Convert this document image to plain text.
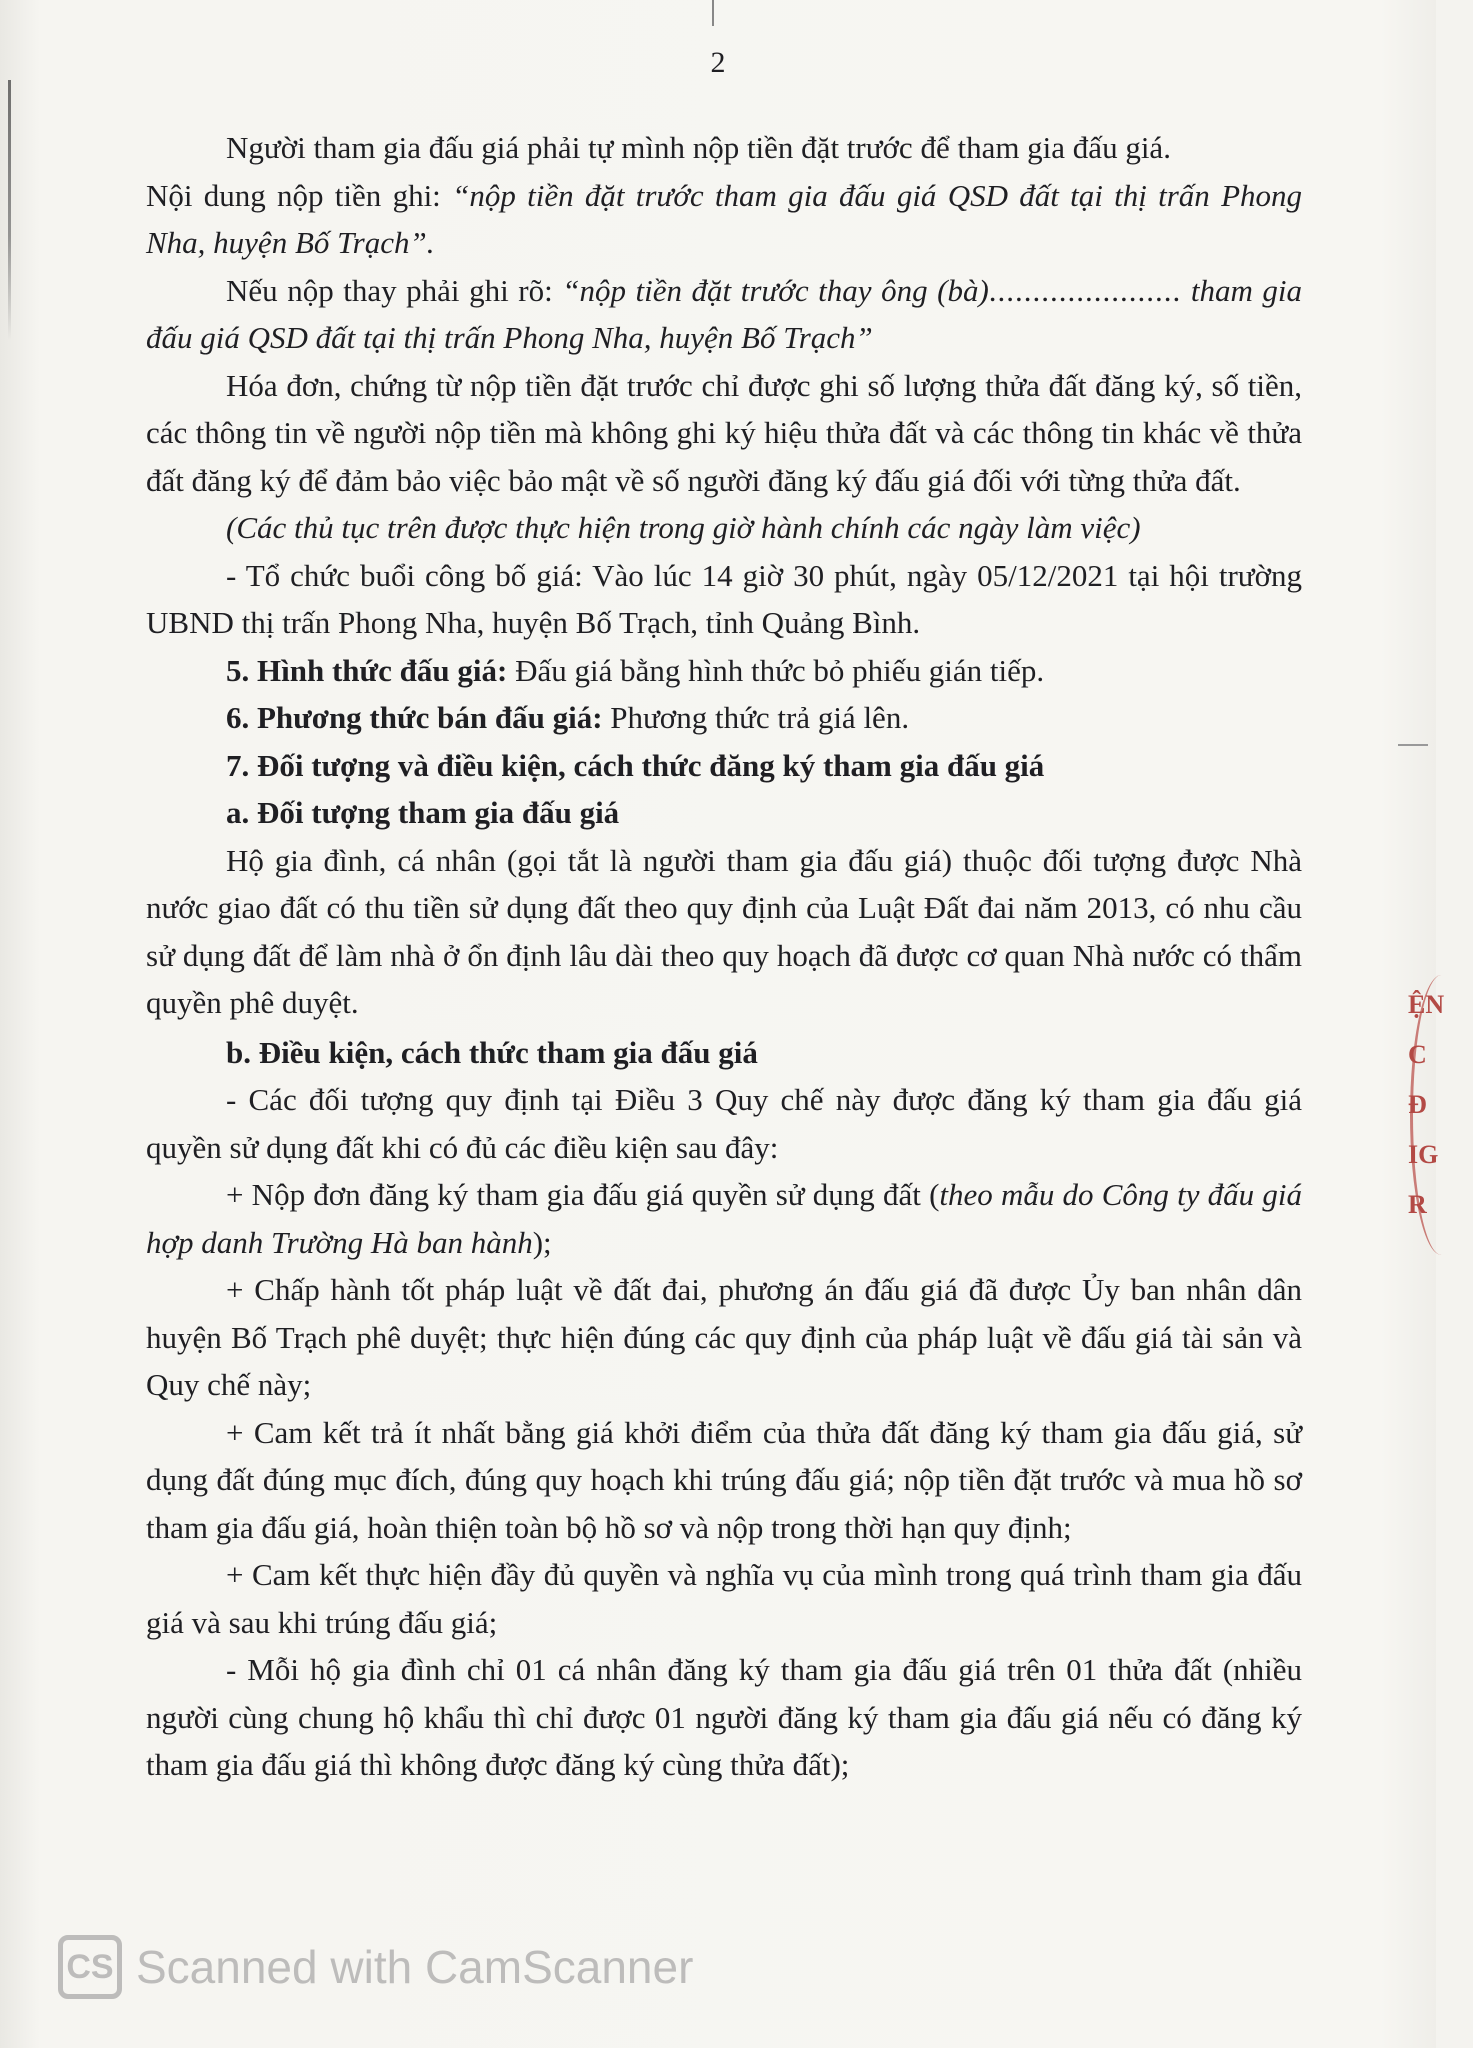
2

Người tham gia đấu giá phải tự mình nộp tiền đặt trước để tham gia đấu giá.

Nội dung nộp tiền ghi: “nộp tiền đặt trước tham gia đấu giá QSD đất tại thị trấn Phong Nha, huyện Bố Trạch”.

Nếu nộp thay phải ghi rõ: “nộp tiền đặt trước thay ông (bà)...................... tham gia đấu giá QSD đất tại thị trấn Phong Nha, huyện Bố Trạch”

Hóa đơn, chứng từ nộp tiền đặt trước chỉ được ghi số lượng thửa đất đăng ký, số tiền, các thông tin về người nộp tiền mà không ghi ký hiệu thửa đất và các thông tin khác về thửa đất đăng ký để đảm bảo việc bảo mật về số người đăng ký đấu giá đối với từng thửa đất.

(Các thủ tục trên được thực hiện trong giờ hành chính các ngày làm việc)

- Tổ chức buổi công bố giá: Vào lúc 14 giờ 30 phút, ngày 05/12/2021 tại hội trường UBND thị trấn Phong Nha, huyện Bố Trạch, tỉnh Quảng Bình.

5. Hình thức đấu giá: Đấu giá bằng hình thức bỏ phiếu gián tiếp.

6. Phương thức bán đấu giá: Phương thức trả giá lên.

7. Đối tượng và điều kiện, cách thức đăng ký tham gia đấu giá

a. Đối tượng tham gia đấu giá

Hộ gia đình, cá nhân (gọi tắt là người tham gia đấu giá) thuộc đối tượng được Nhà nước giao đất có thu tiền sử dụng đất theo quy định của Luật Đất đai năm 2013, có nhu cầu sử dụng đất để làm nhà ở ổn định lâu dài theo quy hoạch đã được cơ quan Nhà nước có thẩm quyền phê duyệt.

b. Điều kiện, cách thức tham gia đấu giá

- Các đối tượng quy định tại Điều 3 Quy chế này được đăng ký tham gia đấu giá quyền sử dụng đất khi có đủ các điều kiện sau đây:

+ Nộp đơn đăng ký tham gia đấu giá quyền sử dụng đất (theo mẫu do Công ty đấu giá hợp danh Trường Hà ban hành);

+ Chấp hành tốt pháp luật về đất đai, phương án đấu giá đã được Ủy ban nhân dân huyện Bố Trạch phê duyệt; thực hiện đúng các quy định của pháp luật về đấu giá tài sản và Quy chế này;

+ Cam kết trả ít nhất bằng giá khởi điểm của thửa đất đăng ký tham gia đấu giá, sử dụng đất đúng mục đích, đúng quy hoạch khi trúng đấu giá; nộp tiền đặt trước và mua hồ sơ tham gia đấu giá, hoàn thiện toàn bộ hồ sơ và nộp trong thời hạn quy định;

+ Cam kết thực hiện đầy đủ quyền và nghĩa vụ của mình trong quá trình tham gia đấu giá và sau khi trúng đấu giá;

- Mỗi hộ gia đình chỉ 01 cá nhân đăng ký tham gia đấu giá trên 01 thửa đất (nhiều người cùng chung hộ khẩu thì chỉ được 01 người đăng ký tham gia đấu giá nếu có đăng ký tham gia đấu giá thì không được đăng ký cùng thửa đất);

ỆN
C
Đ
IG
R
CS Scanned with CamScanner
